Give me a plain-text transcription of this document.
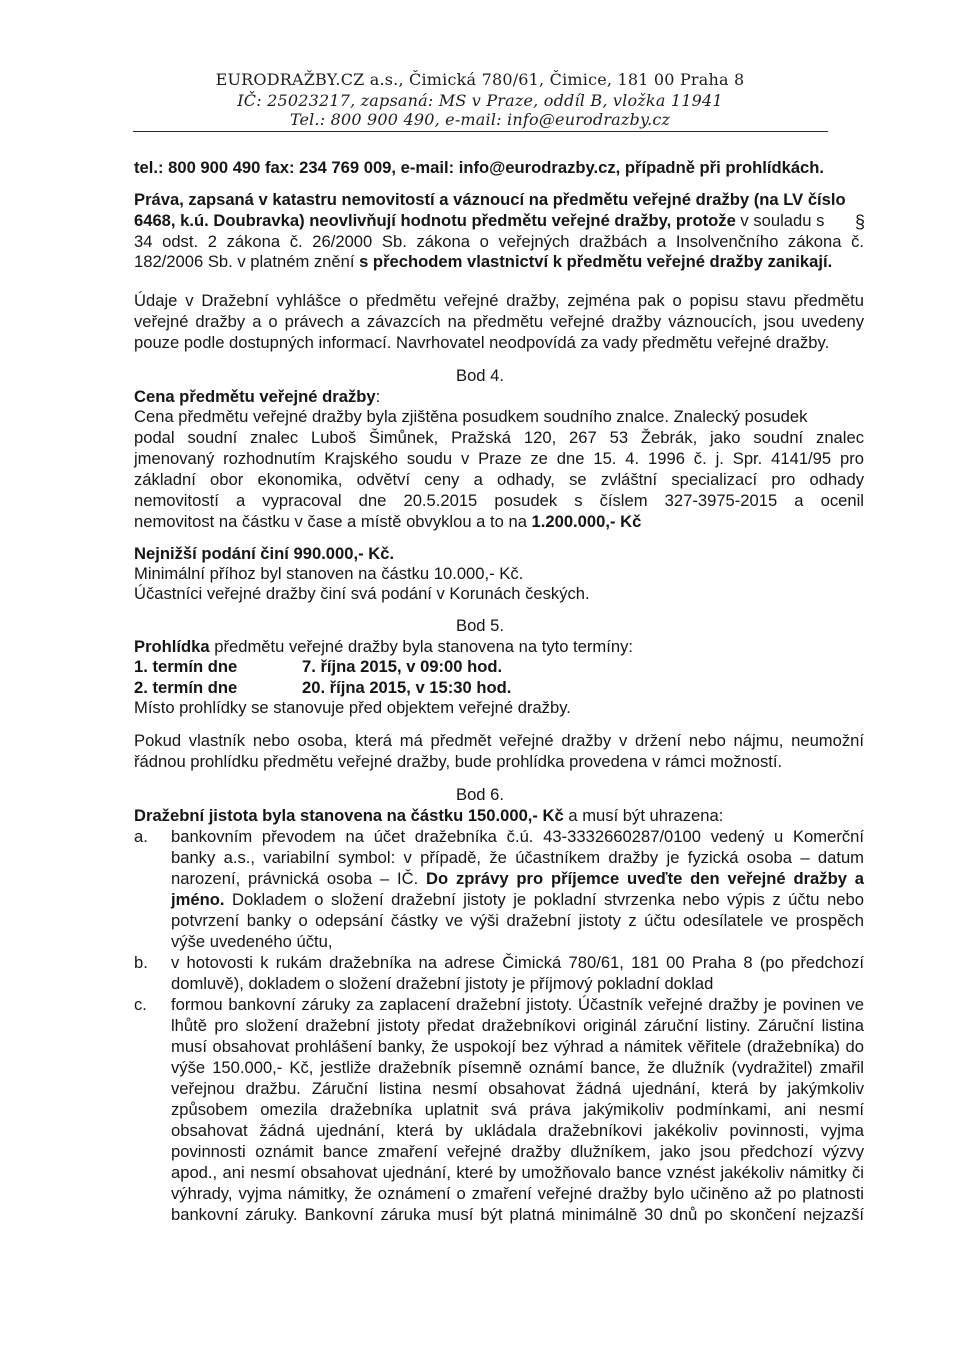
EURODRAŽBY.CZ a.s., Čimická 780/61, Čimice, 181 00 Praha 8
IČ: 25023217, zapsaná: MS v Praze, oddíl B, vložka 11941
Tel.: 800 900 490, e-mail: info@eurodrazby.cz
tel.: 800 900 490 fax: 234 769 009, e-mail: info@eurodrazby.cz, případně při prohlídkách.
Práva, zapsaná v katastru nemovitostí a váznoucí na předmětu veřejné dražby (na LV číslo
6468, k.ú. Doubravka) neovlivňují hodnotu předmětu veřejné dražby, protože v souladu s	§
34 odst. 2 zákona č. 26/2000 Sb. zákona o veřejných dražbách a Insolvenčního zákona č.
182/2006 Sb. v platném znění s přechodem vlastnictví k předmětu veřejné dražby zanikají.
Údaje v Dražební vyhlášce o předmětu veřejné dražby, zejména pak o popisu stavu předmětu
veřejné dražby a o právech a závazcích na předmětu veřejné dražby váznoucích, jsou uvedeny
pouze podle dostupných informací. Navrhovatel neodpovídá za vady předmětu veřejné dražby.
Bod 4.
Cena předmětu veřejné dražby:
Cena předmětu veřejné dražby byla zjištěna posudkem soudního znalce. Znalecký posudek
podal soudní znalec Luboš Šimůnek, Pražská 120, 267 53 Žebrák, jako soudní znalec
jmenovaný rozhodnutím Krajského soudu v Praze ze dne 15. 4. 1996 č. j. Spr. 4141/95 pro
základní obor ekonomika, odvětví ceny a odhady, se zvláštní specializací pro odhady
nemovitostí a vypracoval dne 20.5.2015 posudek s číslem 327-3975-2015 a ocenil
nemovitost na částku v čase a místě obvyklou a to na 1.200.000,- Kč
Nejnižší podání činí 990.000,- Kč.
Minimální příhoz byl stanoven na částku 10.000,- Kč.
Účastníci veřejné dražby činí svá podání v Korunách českých.
Bod 5.
Prohlídka předmětu veřejné dražby byla stanovena na tyto termíny:
1. termín dne	7. října 2015, v 09:00 hod.
2. termín dne	20. října 2015, v 15:30 hod.
Místo prohlídky se stanovuje před objektem veřejné dražby.
Pokud vlastník nebo osoba, která má předmět veřejné dražby v držení nebo nájmu, neumožní
řádnou prohlídku předmětu veřejné dražby, bude prohlídka provedena v rámci možností.
Bod 6.
Dražební jistota byla stanovena na částku 150.000,- Kč a musí být uhrazena:
a. bankovním převodem na účet dražebníka č.ú. 43-3332660287/0100 vedený u Komerční
banky a.s., variabilní symbol: v případě, že účastníkem dražby je fyzická osoba – datum
narození, právnická osoba – IČ. Do zprávy pro příjemce uveďte den veřejné dražby a
jméno. Dokladem o složení dražební jistoty je pokladní stvrzenka nebo výpis z účtu nebo
potvrzení banky o odepsání částky ve výši dražební jistoty z účtu odesílatele ve prospěch
výše uvedeného účtu,
b. v hotovosti k rukám dražebníka na adrese Čimická 780/61, 181 00 Praha 8 (po předchozí
domluvě), dokladem o složení dražební jistoty je příjmový pokladní doklad
c. formou bankovní záruky za zaplacení dražební jistoty. Účastník veřejné dražby je povinen ve
lhůtě pro složení dražební jistoty předat dražebníkovi originál záruční listiny. Záruční listina
musí obsahovat prohlášení banky, že uspokojí bez výhrad a námitek věřitele (dražebníka) do
výše 150.000,- Kč, jestliže dražebník písemně oznámí bance, že dlužník (vydražitel) zmařil
veřejnou dražbu. Záruční listina nesmí obsahovat žádná ujednání, která by jakýmkoliv
způsobem omezila dražebníka uplatnit svá práva jakýmikoliv podmínkami, ani nesmí
obsahovat žádná ujednání, která by ukládala dražebníkovi jakékoliv povinnosti, vyjma
povinnosti oznámit bance zmaření veřejné dražby dlužníkem, jako jsou předchozí výzvy
apod., ani nesmí obsahovat ujednání, které by umožňovalo bance vznést jakékoliv námitky či
výhrady, vyjma námitky, že oznámení o zmaření veřejné dražby bylo učiněno až po platnosti
bankovní záruky. Bankovní záruka musí být platná minimálně 30 dnů po skončení nejzazší
